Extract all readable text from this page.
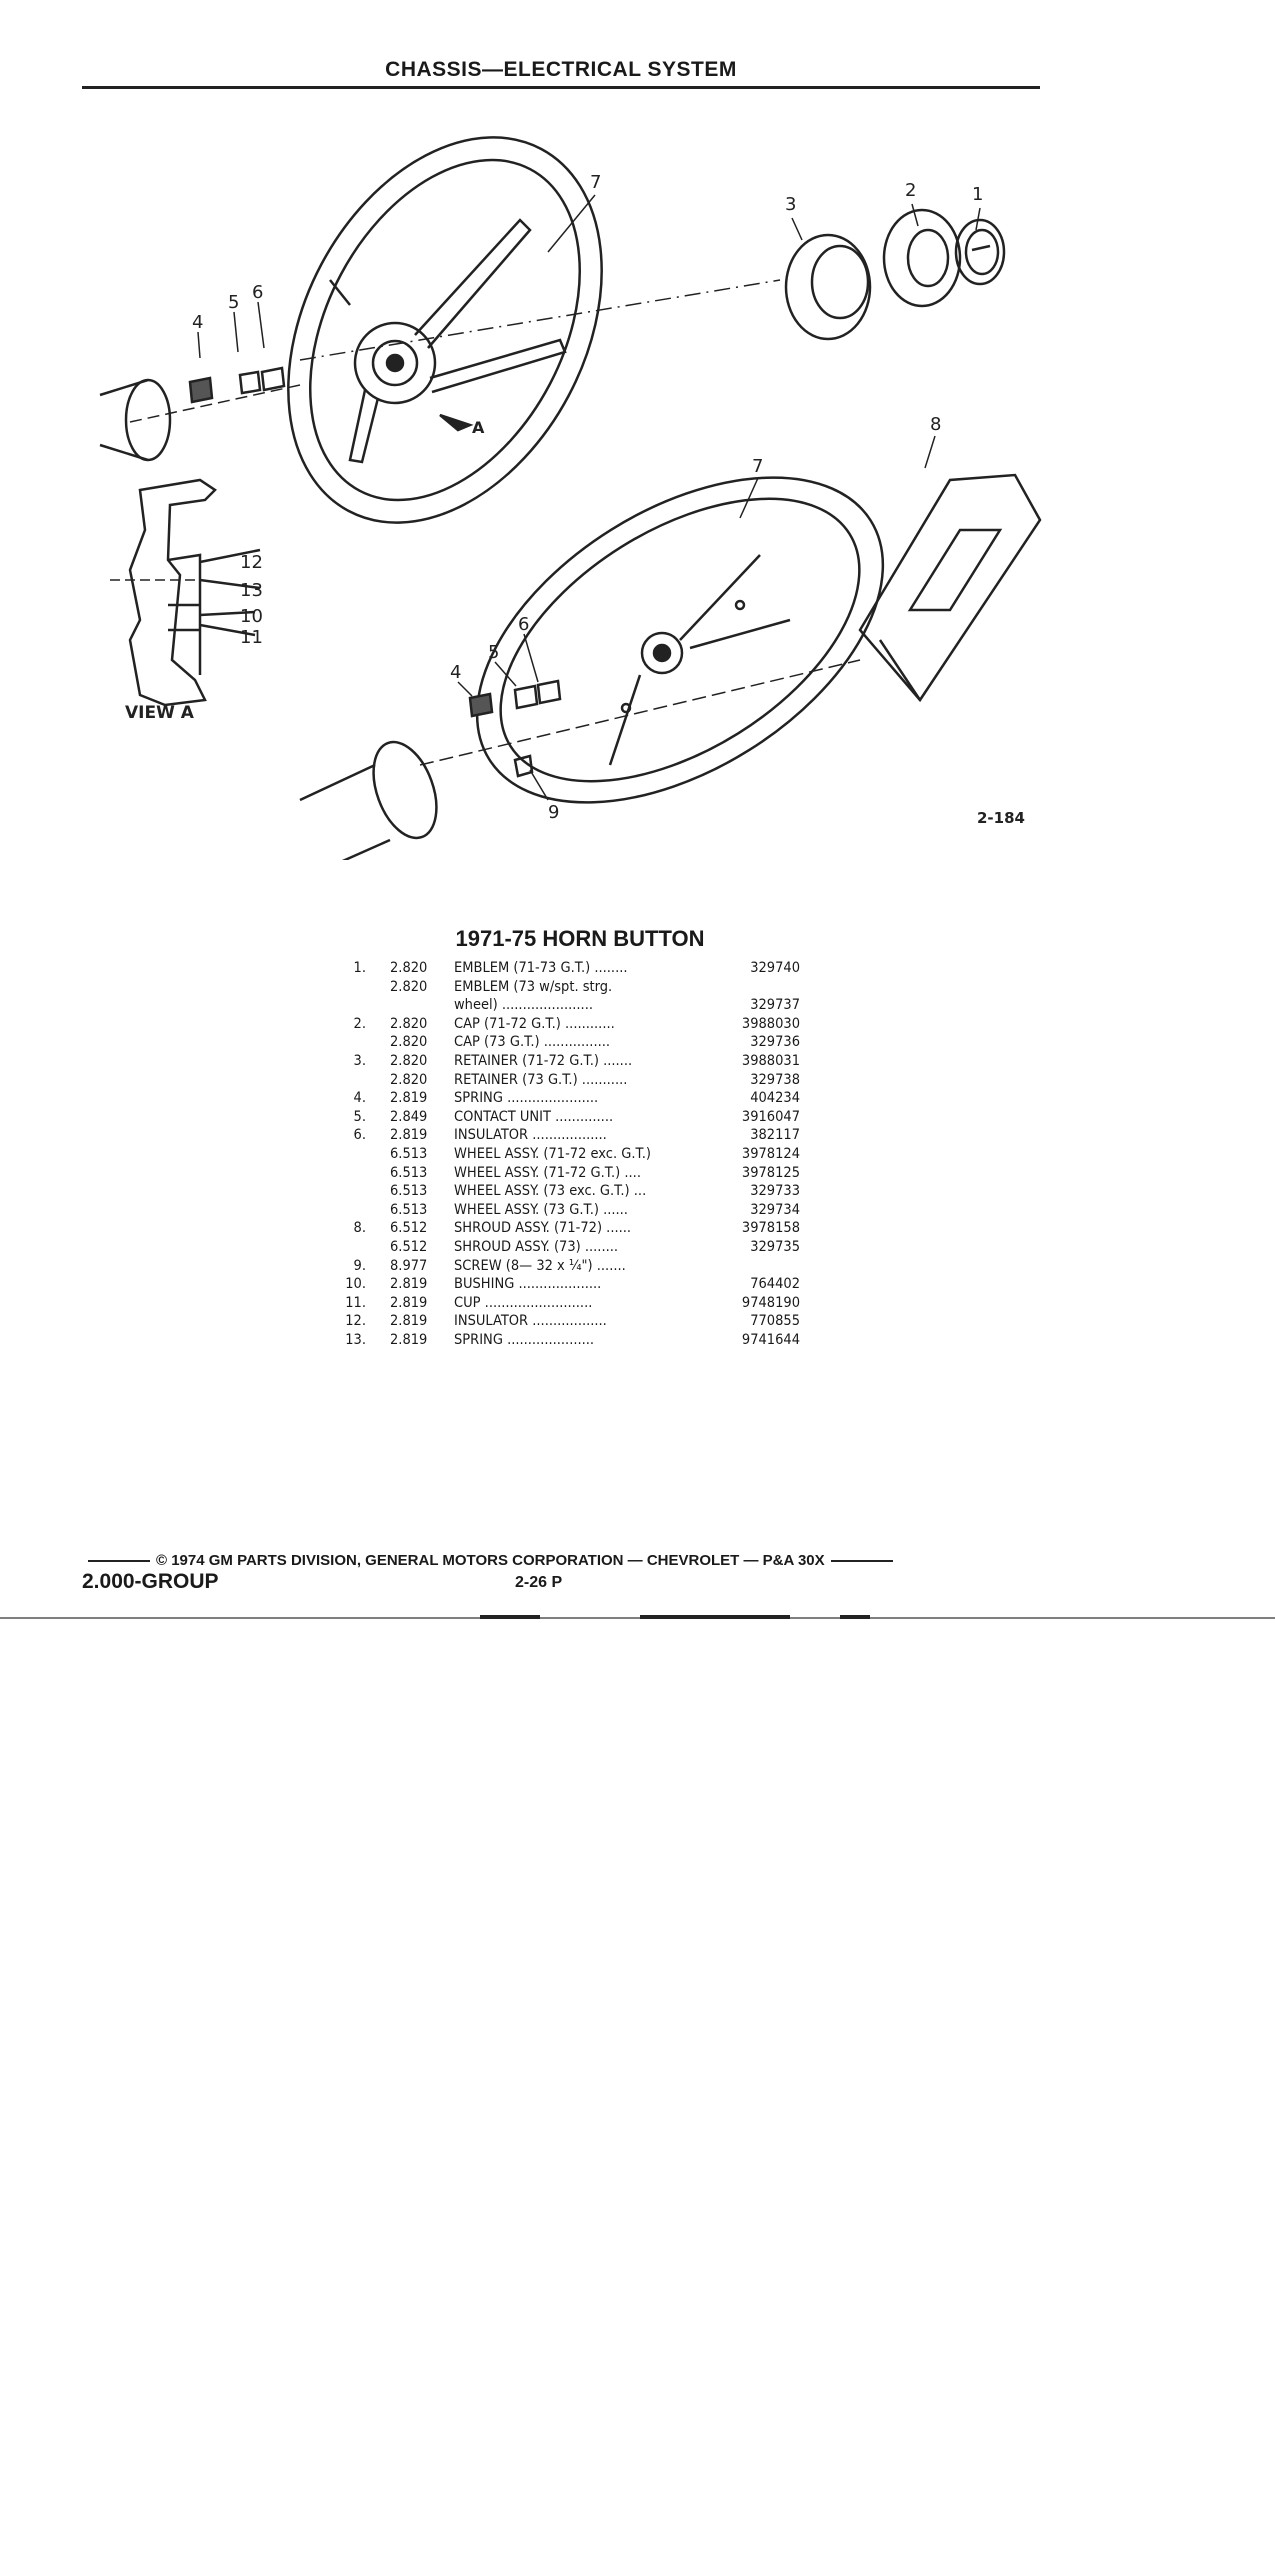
CHASSIS—ELECTRICAL SYSTEM
A
1
2
3
4
5 6
7
4
5
6
7
8
9
10
11
12
13
VIEW A
2-184
1971-75 HORN BUTTON
1. 2.820 EMBLEM (71-73 G.T.) ........	329740
2.820 EMBLEM (73 w/spt. strg.
wheel) ......................	329737
2. 2.820 CAP (71-72 G.T.) ............	3988030
2.820 CAP (73 G.T.) ................	329736
3. 2.820 RETAINER (71-72 G.T.) .......	3988031
2.820 RETAINER (73 G.T.) ...........	329738
4. 2.819 SPRING ......................	404234
5. 2.849 CONTACT UNIT ..............	3916047
6. 2.819 INSULATOR ..................	382117
6.513 WHEEL ASSY. (71-72 exc. G.T.)	3978124
6.513 WHEEL ASSY. (71-72 G.T.) ....	3978125
6.513 WHEEL ASSY. (73 exc. G.T.) ...	329733
6.513 WHEEL ASSY. (73 G.T.) ......	329734
8. 6.512 SHROUD ASSY. (71-72) ......	3978158
6.512 SHROUD ASSY. (73) ........	329735
9. 8.977 SCREW (8— 32 x ¹⁄₄") .......
10. 2.819 BUSHING ....................	764402
11. 2.819 CUP ..........................	9748190
12. 2.819 INSULATOR ..................	770855
13. 2.819 SPRING .....................	9741644
© 1974 GM PARTS DIVISION, GENERAL MOTORS CORPORATION — CHEVROLET — P&A 30X
2.000-GROUP	2-26 P
